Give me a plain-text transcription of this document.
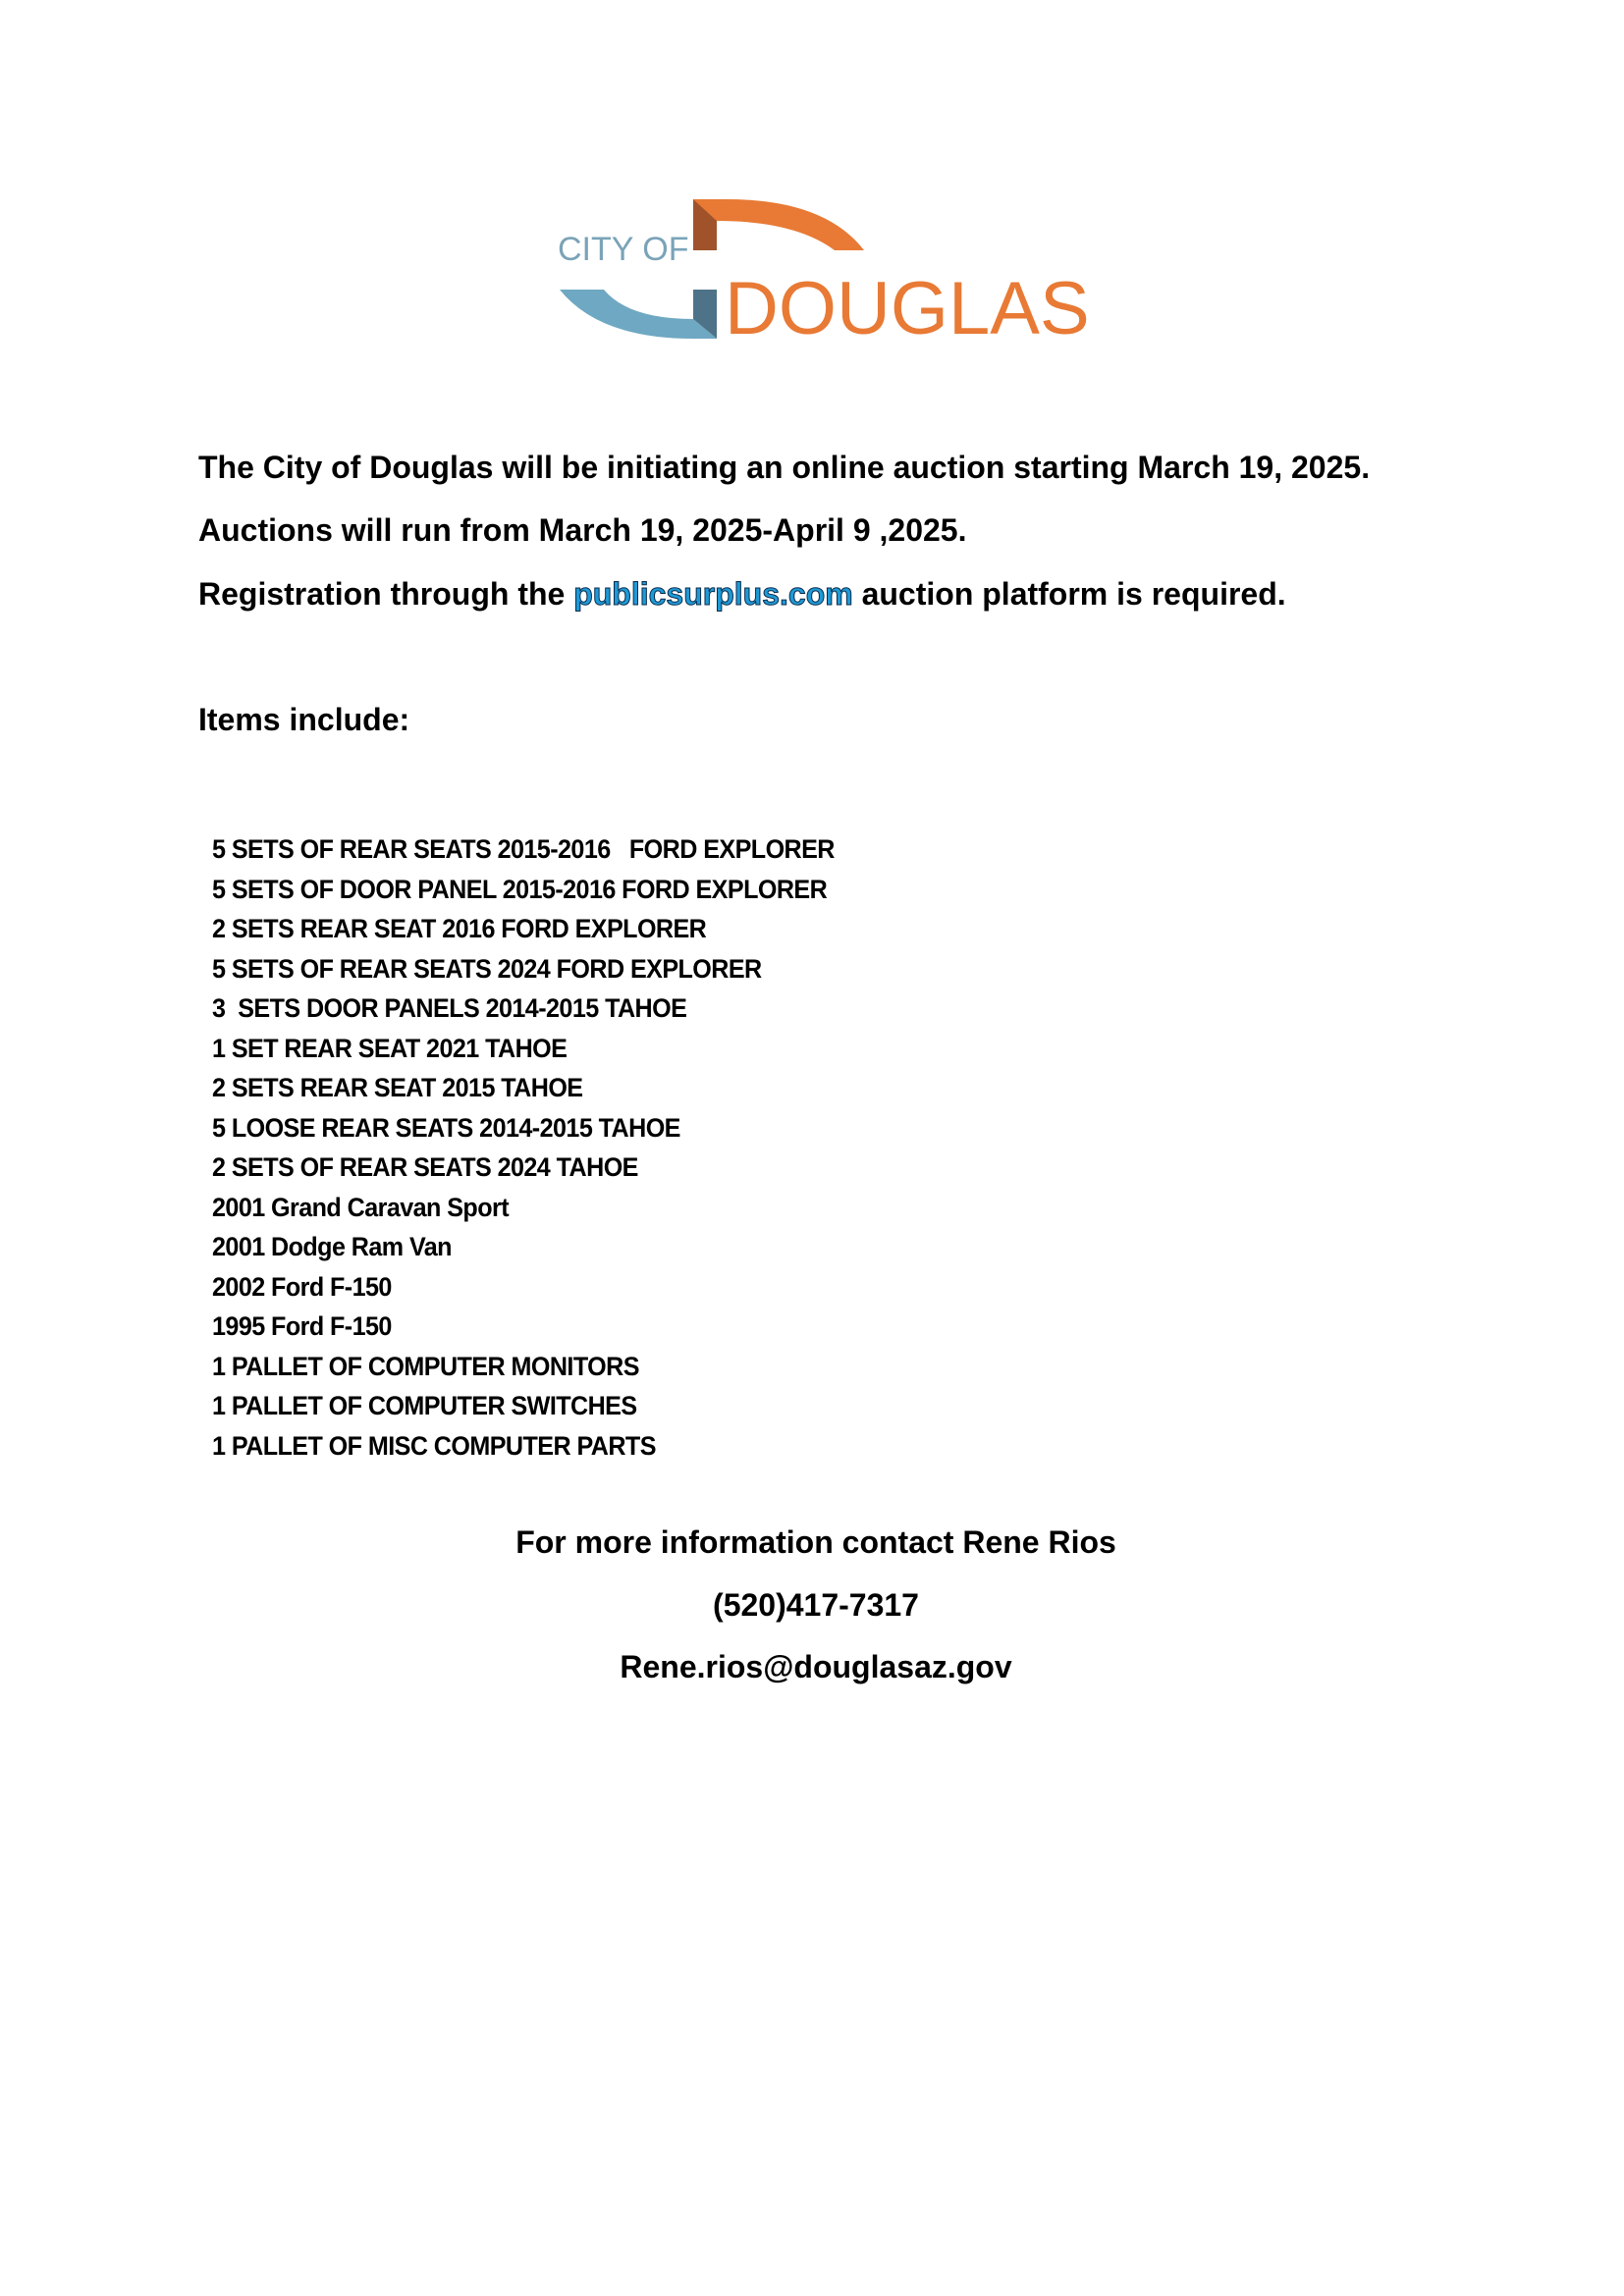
CITY OF
DOUGLAS
The City of Douglas will be initiating an online auction starting March 19, 2025.
Auctions will run from March 19, 2025-April 9 ,2025.
Registration through the publicsurplus.com auction platform is required.
Items include:
5 SETS OF REAR SEATS 2015-2016   FORD EXPLORER
5 SETS OF DOOR PANEL 2015-2016 FORD EXPLORER
2 SETS REAR SEAT 2016 FORD EXPLORER
5 SETS OF REAR SEATS 2024 FORD EXPLORER
3  SETS DOOR PANELS 2014-2015 TAHOE
1 SET REAR SEAT 2021 TAHOE
2 SETS REAR SEAT 2015 TAHOE
5 LOOSE REAR SEATS 2014-2015 TAHOE
2 SETS OF REAR SEATS 2024 TAHOE
2001 Grand Caravan Sport
2001 Dodge Ram Van
2002 Ford F-150
1995 Ford F-150
1 PALLET OF COMPUTER MONITORS
1 PALLET OF COMPUTER SWITCHES
1 PALLET OF MISC COMPUTER PARTS
For more information contact Rene Rios
(520)417-7317
Rene.rios@douglasaz.gov
